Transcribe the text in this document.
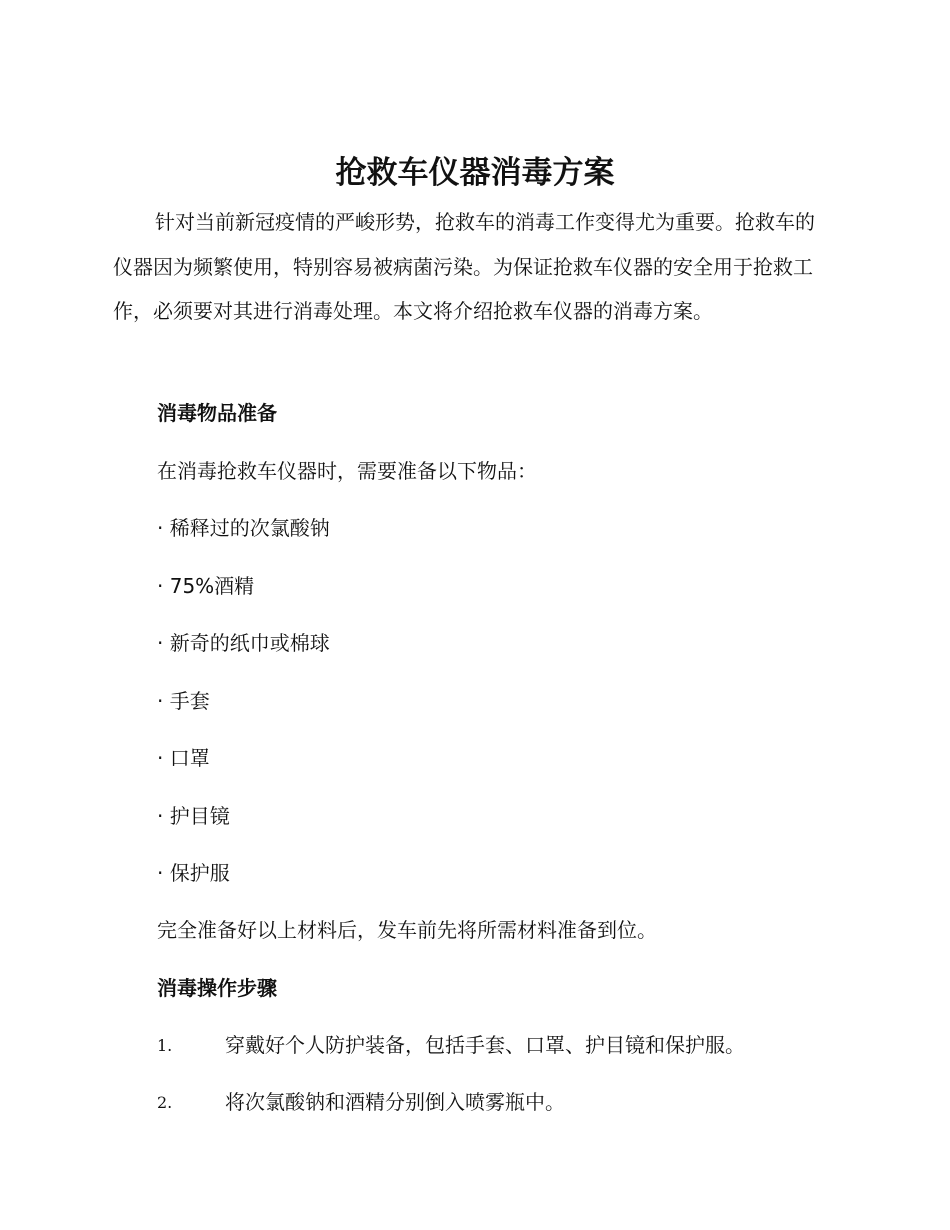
抢救车仪器消毒方案

针对当前新冠疫情的严峻形势，抢救车的消毒工作变得尤为重要。抢救车的仪器因为频繁使用，特别容易被病菌污染。为保证抢救车仪器的安全用于抢救工作，必须要对其进行消毒处理。本文将介绍抢救车仪器的消毒方案。

消毒物品准备

在消毒抢救车仪器时，需要准备以下物品：

· 稀释过的次氯酸钠

· 75%酒精

· 新奇的纸巾或棉球

· 手套

· 口罩

· 护目镜

· 保护服

完全准备好以上材料后，发车前先将所需材料准备到位。

消毒操作步骤

1.	穿戴好个人防护装备，包括手套、口罩、护目镜和保护服。
2.	将次氯酸钠和酒精分别倒入喷雾瓶中。
